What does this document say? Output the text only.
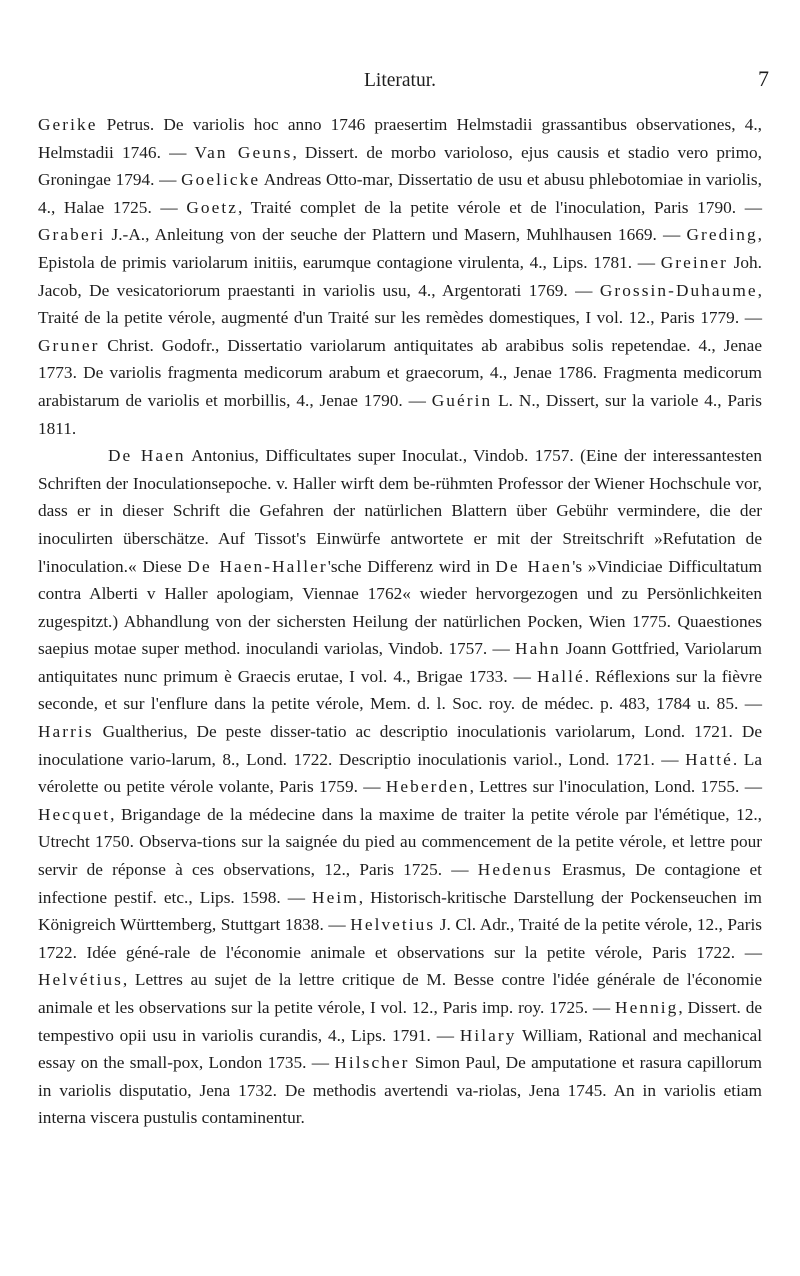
Literatur.	7

Gerike Petrus. De variolis hoc anno 1746 praesertim Helmstadii grassantibus observationes, 4., Helmstadii 1746. — Van Geuns, Dissert. de morbo varioloso, ejus causis et stadio vero primo, Groningae 1794. — Goelicke Andreas Otto-mar, Dissertatio de usu et abusu phlebotomiae in variolis, 4., Halae 1725. — Goetz, Traité complet de la petite vérole et de l'inoculation, Paris 1790. — Graberi J.-A., Anleitung von der seuche der Plattern und Masern, Muhlhausen 1669. — Greding, Epistola de primis variolarum initiis, earumque contagione virulenta, 4., Lips. 1781. — Greiner Joh. Jacob, De vesicatoriorum praestanti in variolis usu, 4., Argentorati 1769. — Grossin-Duhaume, Traité de la petite vérole, augmenté d'un Traité sur les remèdes domestiques, I vol. 12., Paris 1779. — Gruner Christ. Godofr., Dissertatio variolarum antiquitates ab arabibus solis repetendae. 4., Jenae 1773. De variolis fragmenta medicorum arabum et graecorum, 4., Jenae 1786. Fragmenta medicorum arabistarum de variolis et morbillis, 4., Jenae 1790. — Guérin L. N., Dissert, sur la variole 4., Paris 1811.

De Haen Antonius, Difficultates super Inoculat., Vindob. 1757. (Eine der interessantesten Schriften der Inoculationsepoche. v. Haller wirft dem be-rühmten Professor der Wiener Hochschule vor, dass er in dieser Schrift die Gefahren der natürlichen Blattern über Gebühr vermindere, die der inoculirten überschätze. Auf Tissot's Einwürfe antwortete er mit der Streitschrift »Refutation de l'inoculation.« Diese De Haen-Haller'sche Differenz wird in De Haen's »Vindiciae Difficultatum contra Alberti v Haller apologiam, Viennae 1762« wieder hervorgezogen und zu Persönlichkeiten zugespitzt.) Abhandlung von der sichersten Heilung der natürlichen Pocken, Wien 1775. Quaestiones saepius motae super method. inoculandi variolas, Vindob. 1757. — Hahn Joann Gottfried, Variolarum antiquitates nunc primum è Graecis erutae, I vol. 4., Brigae 1733. — Hallé. Réflexions sur la fièvre seconde, et sur l'enflure dans la petite vérole, Mem. d. l. Soc. roy. de médec. p. 483, 1784 u. 85. — Harris Gualtherius, De peste disser-tatio ac descriptio inoculationis variolarum, Lond. 1721. De inoculatione vario-larum, 8., Lond. 1722. Descriptio inoculationis variol., Lond. 1721. — Hatté. La vérolette ou petite vérole volante, Paris 1759. — Heberden, Lettres sur l'inoculation, Lond. 1755. — Hecquet, Brigandage de la médecine dans la maxime de traiter la petite vérole par l'émétique, 12., Utrecht 1750. Observa-tions sur la saignée du pied au commencement de la petite vérole, et lettre pour servir de réponse à ces observations, 12., Paris 1725. — Hedenus Erasmus, De contagione et infectione pestif. etc., Lips. 1598. — Heim, Historisch-kritische Darstellung der Pockenseuchen im Königreich Württemberg, Stuttgart 1838. — Helvetius J. Cl. Adr., Traité de la petite vérole, 12., Paris 1722. Idée géné-rale de l'économie animale et observations sur la petite vérole, Paris 1722. — Helvétius, Lettres au sujet de la lettre critique de M. Besse contre l'idée générale de l'économie animale et les observations sur la petite vérole, I vol. 12., Paris imp. roy. 1725. — Hennig, Dissert. de tempestivo opii usu in variolis curandis, 4., Lips. 1791. — Hilary William, Rational and mechanical essay on the small-pox, London 1735. — Hilscher Simon Paul, De amputatione et rasura capillorum in variolis disputatio, Jena 1732. De methodis avertendi va-riolas, Jena 1745. An in variolis etiam interna viscera pustulis contaminentur.
